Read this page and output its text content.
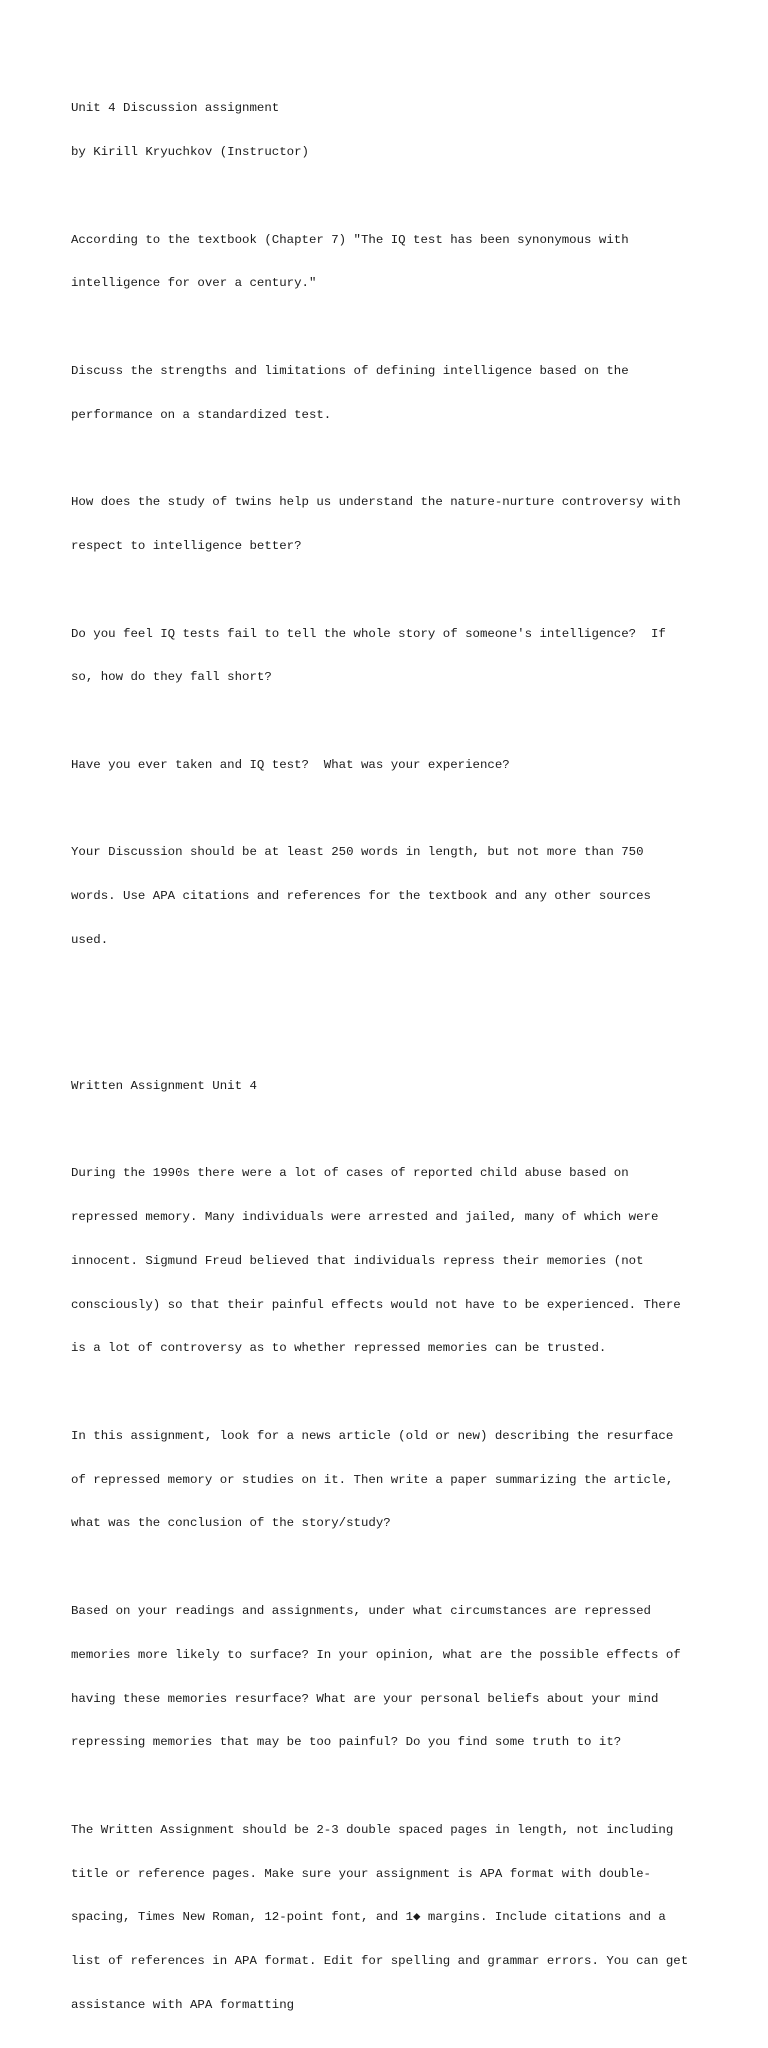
Unit 4 Discussion assignment

by Kirill Kryuchkov (Instructor)

According to the textbook (Chapter 7) "The IQ test has been synonymous with

intelligence for over a century."

Discuss the strengths and limitations of defining intelligence based on the

performance on a standardized test.

How does the study of twins help us understand the nature-nurture controversy with

respect to intelligence better?

Do you feel IQ tests fail to tell the whole story of someone's intelligence?  If

so, how do they fall short?

Have you ever taken and IQ test?  What was your experience?

Your Discussion should be at least 250 words in length, but not more than 750

words. Use APA citations and references for the textbook and any other sources

used.

Written Assignment Unit 4

During the 1990s there were a lot of cases of reported child abuse based on

repressed memory. Many individuals were arrested and jailed, many of which were

innocent. Sigmund Freud believed that individuals repress their memories (not

consciously) so that their painful effects would not have to be experienced. There

is a lot of controversy as to whether repressed memories can be trusted.

In this assignment, look for a news article (old or new) describing the resurface

of repressed memory or studies on it. Then write a paper summarizing the article,

what was the conclusion of the story/study?

Based on your readings and assignments, under what circumstances are repressed

memories more likely to surface? In your opinion, what are the possible effects of

having these memories resurface? What are your personal beliefs about your mind

repressing memories that may be too painful? Do you find some truth to it?

The Written Assignment should be 2-3 double spaced pages in length, not including

title or reference pages. Make sure your assignment is APA format with double-

spacing, Times New Roman, 12-point font, and 1◆ margins. Include citations and a

list of references in APA format. Edit for spelling and grammar errors. You can get

assistance with APA formatting
